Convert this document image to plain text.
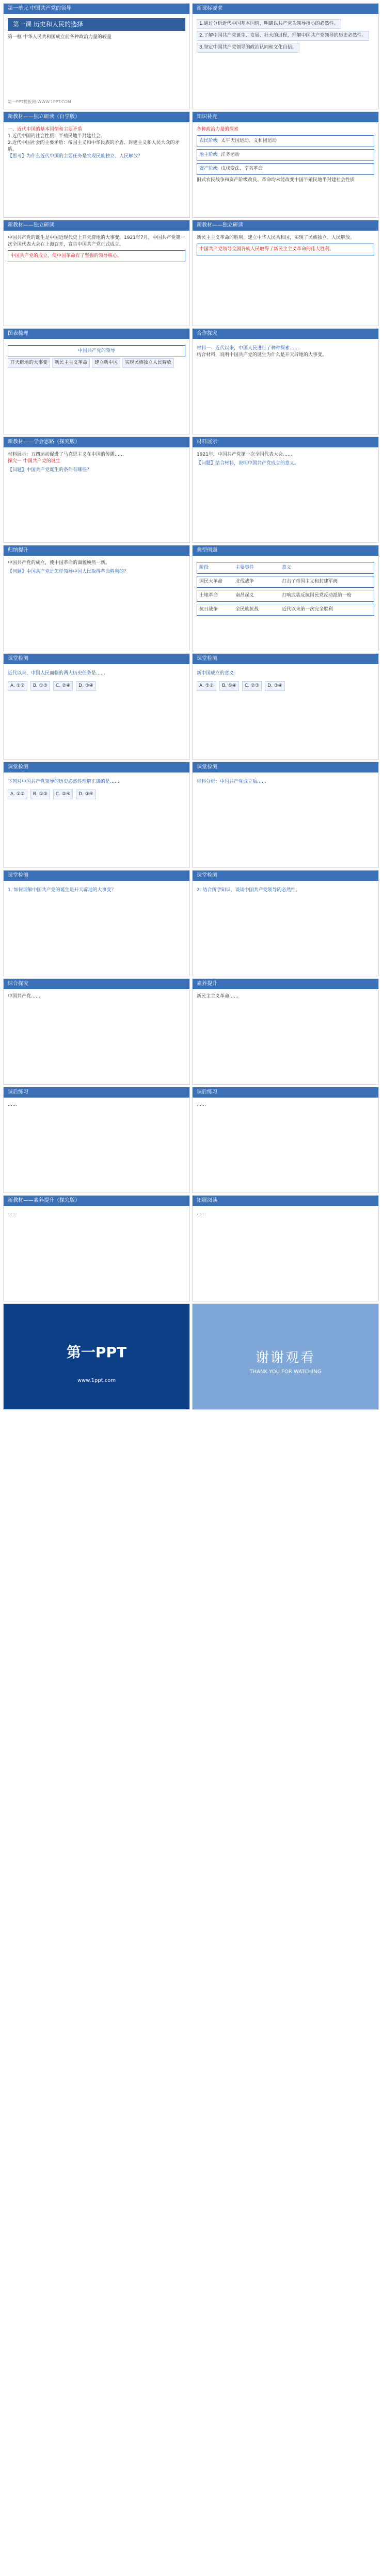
第一单元 中国共产党的领导
第一PPT模板网-WWW.1PPT.COM
第一课 历史和人民的选择
第一框 中华人民共和国成立前各种政治力量的较量
新课标要求
1.通过分析近代中国基本国情，明确以共产党为领导核心的必然性。2.了解中国共产党诞生、发展、壮大的过程，理解中国共产党领导的历史必然性。3.坚定中国共产党领导的政治认同和文化自信。
新教材——独立研读（自学版）
一、近代中国的基本国情和主要矛盾
1.近代中国的社会性质：半殖民地半封建社会。
2.近代中国社会的主要矛盾：帝国主义和中华民族的矛盾、封建主义和人民大众的矛盾。
【思考】为什么近代中国的主要任务是实现民族独立、人民解放？
知识补充
各种政治力量的探索
农民阶级 太平天国运动、义和团运动
地主阶级 洋务运动
资产阶级 戊戌变法、辛亥革命
旧式农民战争和资产阶级改良、革命均未能改变中国半殖民地半封建社会性质
新教材——独立研读
中国共产党的诞生是中国近现代史上开天辟地的大事变。1921年7月，中国共产党第一次全国代表大会在上海召开，宣告中国共产党正式成立。
中国共产党的成立，使中国革命有了坚强的领导核心。
新教材——独立研读
新民主主义革命的胜利，建立中华人民共和国，实现了民族独立、人民解放。
中国共产党领导全国各族人民取得了新民主主义革命的伟大胜利。
图表梳理
中国共产党的领导
开天辟地的大事变 新民主主义革命 建立新中国 实现民族独立人民解放
合作探究
材料一：近代以来，中国人民进行了种种探索……
结合材料，说明中国共产党的诞生为什么是开天辟地的大事变。
新教材——学会思路（探究版）
材料展示：五四运动促进了马克思主义在中国的传播……
探究一 中国共产党的诞生
【问题】中国共产党诞生的条件有哪些？
材料展示
1921年，中国共产党第一次全国代表大会……
【问题】结合材料，说明中国共产党成立的意义。
归纳提升
中国共产党的成立，使中国革命的面貌焕然一新。
【问题】中国共产党是怎样领导中国人民取得革命胜利的？
典型例题
阶段	主要事件	意义
国民大革命	北伐战争	打击了帝国主义和封建军阀
土地革命	南昌起义	打响武装反抗国民党反动派第一枪
抗日战争	全民族抗战	近代以来第一次完全胜利
课堂检测
近代以来，中国人民面临的两大历史任务是……
A. ①② B. ①③ C. ②④ D. ③④
课堂检测
新中国成立的意义：
A. ①② B. ①④ C. ②③ D. ③④
课堂检测
下列对中国共产党领导的历史必然性理解正确的是……
A. ①② B. ①③ C. ②④ D. ③④
课堂检测
材料分析：中国共产党成立后……
课堂检测
1. 如何理解中国共产党的诞生是开天辟地的大事变？
课堂检测
2. 结合所学知识，谈谈中国共产党领导的必然性。
综合探究
中国共产党……
素养提升
新民主主义革命……
课后练习
……
课后练习
……
新教材——素养提升（探究版）
……
拓展阅读
……
第一PPT
www.1ppt.com
谢谢观看
THANK YOU FOR WATCHING
